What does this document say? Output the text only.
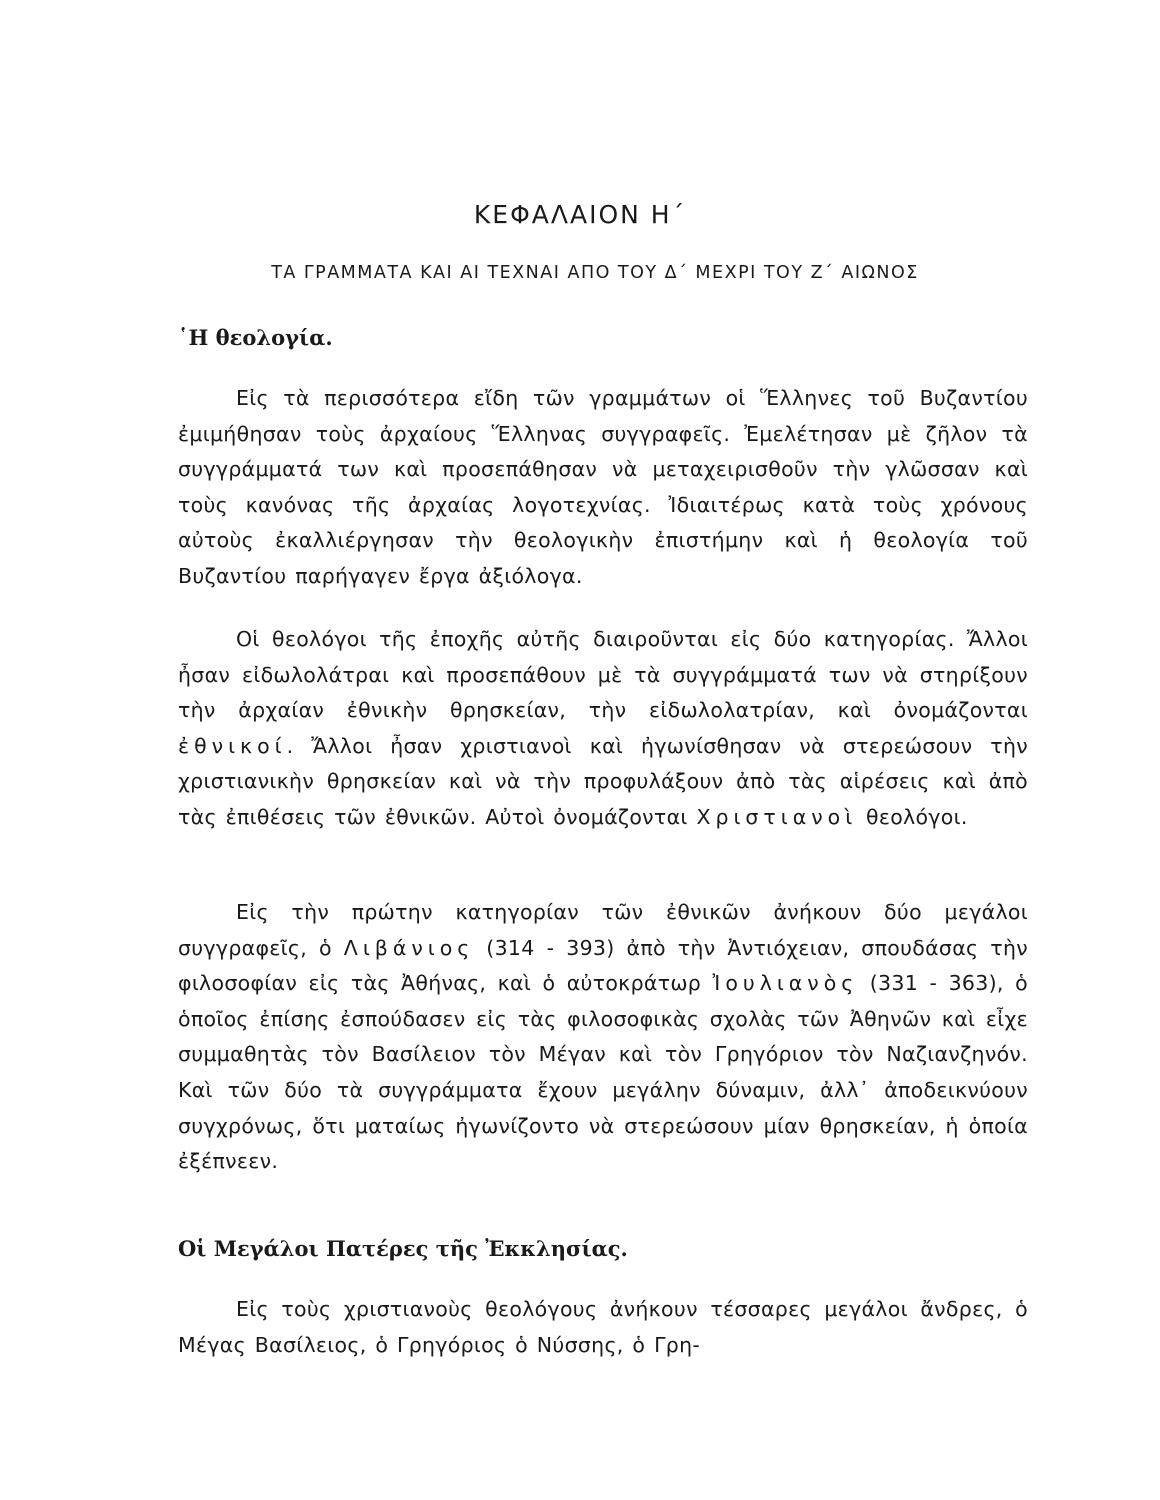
ΚΕΦΑΛΑΙΟΝ Η΄
ΤΑ ΓΡΑΜΜΑΤΑ ΚΑΙ ΑΙ ΤΕΧΝΑΙ ΑΠΟ ΤΟΥ Δ΄ ΜΕΧΡΙ ΤΟΥ Ζ΄ ΑΙΩΝΟΣ
῾Η θεολογία.

Εἰς τὰ περισσότερα εἴδη τῶν γραμμάτων οἱ Ἕλληνες τοῦ Βυζαντίου ἐμιμήθησαν τοὺς ἀρχαίους Ἕλληνας συγγραφεῖς. Ἐμελέτησαν μὲ ζῆλον τὰ συγγράμματά των καὶ προσεπάθησαν νὰ μεταχειρισθοῦν τὴν γλῶσσαν καὶ τοὺς κανόνας τῆς ἀρχαίας λογοτεχνίας. Ἰδιαιτέρως κατὰ τοὺς χρόνους αὐτοὺς ἐκαλλιέργησαν τὴν θεολογικὴν ἐπιστήμην καὶ ἡ θεολογία τοῦ Βυζαντίου παρήγαγεν ἔργα ἀξιόλογα.

Οἱ θεολόγοι τῆς ἐποχῆς αὐτῆς διαιροῦνται εἰς δύο κατηγορίας. Ἄλλοι ἦσαν εἰδωλολάτραι καὶ προσεπάθουν μὲ τὰ συγγράμματά των νὰ στηρίξουν τὴν ἀρχαίαν ἐθνικὴν θρησκείαν, τὴν εἰδωλολατρίαν, καὶ ὀνομάζονται ἐθνικοί. Ἄλλοι ἦσαν χριστιανοὶ καὶ ἠγωνίσθησαν νὰ στερεώσουν τὴν χριστιανικὴν θρησκείαν καὶ νὰ τὴν προφυλάξουν ἀπὸ τὰς αἱρέσεις καὶ ἀπὸ τὰς ἐπιθέσεις τῶν ἐθνικῶν. Αὐτοὶ ὀνομάζονται Χριστιανοὶ θεολόγοι.

Εἰς τὴν πρώτην κατηγορίαν τῶν ἐθνικῶν ἀνήκουν δύο μεγάλοι συγγραφεῖς, ὁ Λιβάνιος (314 - 393) ἀπὸ τὴν Ἀντιόχειαν, σπουδάσας τὴν φιλοσοφίαν εἰς τὰς Ἀθήνας, καὶ ὁ αὐτοκράτωρ Ἰουλιανὸς (331 - 363), ὁ ὁποῖος ἐπίσης ἐσπούδασεν εἰς τὰς φιλοσοφικὰς σχολὰς τῶν Ἀθηνῶν καὶ εἶχε συμμαθητὰς τὸν Βασίλειον τὸν Μέγαν καὶ τὸν Γρηγόριον τὸν Ναζιανζηνόν. Καὶ τῶν δύο τὰ συγγράμματα ἔχουν μεγάλην δύναμιν, ἀλλ᾿ ἀποδεικνύουν συγχρόνως, ὅτι ματαίως ἠγωνίζοντο νὰ στερεώσουν μίαν θρησκείαν, ἡ ὁποία ἐξέπνεεν.

Οἱ Μεγάλοι Πατέρες τῆς Ἐκκλησίας.

Εἰς τοὺς χριστιανοὺς θεολόγους ἀνήκουν τέσσαρες μεγάλοι ἄνδρες, ὁ Μέγας Βασίλειος, ὁ Γρηγόριος ὁ Νύσσης, ὁ Γρη-
